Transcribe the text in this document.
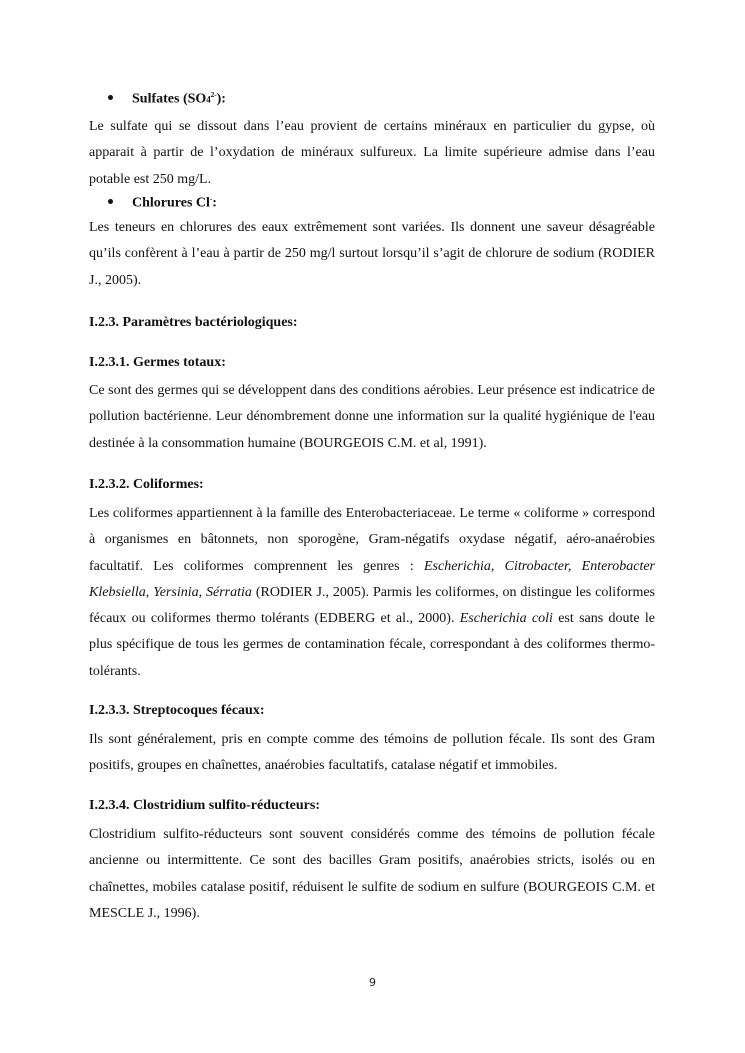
Sulfates $(SO4^{2-})$:
Le sulfate qui se dissout dans l’eau provient de certains minéraux en particulier du gypse, où apparait à partir de l’oxydation de minéraux sulfureux. La limite supérieure admise dans l’eau potable est 250 mg/L.
Chlorures Cl-:
Les teneurs en chlorures des eaux extrêmement sont variées. Ils donnent une saveur désagréable qu’ils confèrent à l’eau à partir de 250 mg/l surtout lorsqu’il s’agit de chlorure de sodium (RODIER J., 2005).
I.2.3. Paramètres bactériologiques:
I.2.3.1. Germes totaux:
Ce sont des germes qui se développent dans des conditions aérobies. Leur présence est indicatrice de pollution bactérienne. Leur dénombrement donne une information sur la qualité hygiénique de l'eau destinée à la consommation humaine (BOURGEOIS C.M. et al, 1991).
I.2.3.2. Coliformes:
Les coliformes appartiennent à la famille des Enterobacteriaceae. Le terme « coliforme » correspond à organismes en bâtonnets, non sporogène, Gram-négatifs oxydase négatif, aéro-anaérobies facultatif. Les coliformes comprennent les genres : Escherichia, Citrobacter, Enterobacter Klebsiella, Yersinia, Sérratia (RODIER J., 2005). Parmis les coliformes, on distingue les coliformes fécaux ou coliformes thermo tolérants (EDBERG et al., 2000). Escherichia coli est sans doute le plus spécifique de tous les germes de contamination fécale, correspondant à des coliformes thermo-tolérants.
I.2.3.3. Streptocoques fécaux:
Ils sont généralement, pris en compte comme des témoins de pollution fécale. Ils sont des Gram positifs, groupes en chaînettes, anaérobies facultatifs, catalase négatif et immobiles.
I.2.3.4. Clostridium sulfito-réducteurs:
Clostridium sulfito-réducteurs sont souvent considérés comme des témoins de pollution fécale ancienne ou intermittente. Ce sont des bacilles Gram positifs, anaérobies stricts, isolés ou en chaînettes, mobiles catalase positif, réduisent le sulfite de sodium en sulfure (BOURGEOIS C.M. et MESCLE J., 1996).
9
